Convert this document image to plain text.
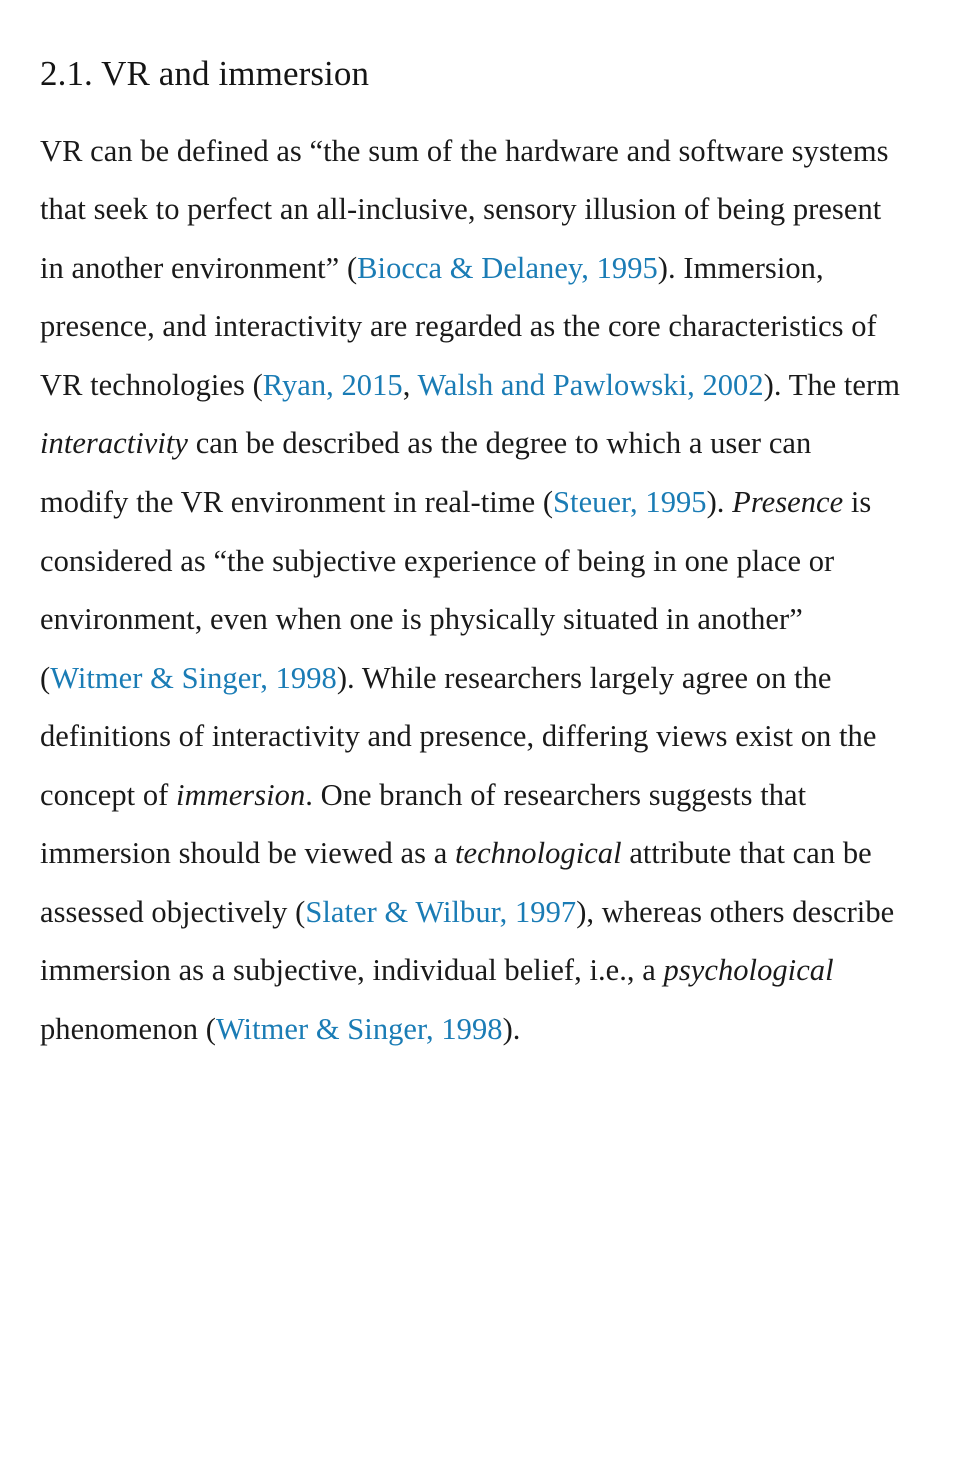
2.1. VR and immersion

VR can be defined as “the sum of the hardware and software systems that seek to perfect an all-inclusive, sensory illusion of being present in another environment” (Biocca & Delaney, 1995). Immersion, presence, and interactivity are regarded as the core characteristics of VR technologies (Ryan, 2015, Walsh and Pawlowski, 2002). The term interactivity can be described as the degree to which a user can modify the VR environment in real-time (Steuer, 1995). Presence is considered as “the subjective experience of being in one place or environment, even when one is physically situated in another” (Witmer & Singer, 1998). While researchers largely agree on the definitions of interactivity and presence, differing views exist on the concept of immersion. One branch of researchers suggests that immersion should be viewed as a technological attribute that can be assessed objectively (Slater & Wilbur, 1997), whereas others describe immersion as a subjective, individual belief, i.e., a psychological phenomenon (Witmer & Singer, 1998).
